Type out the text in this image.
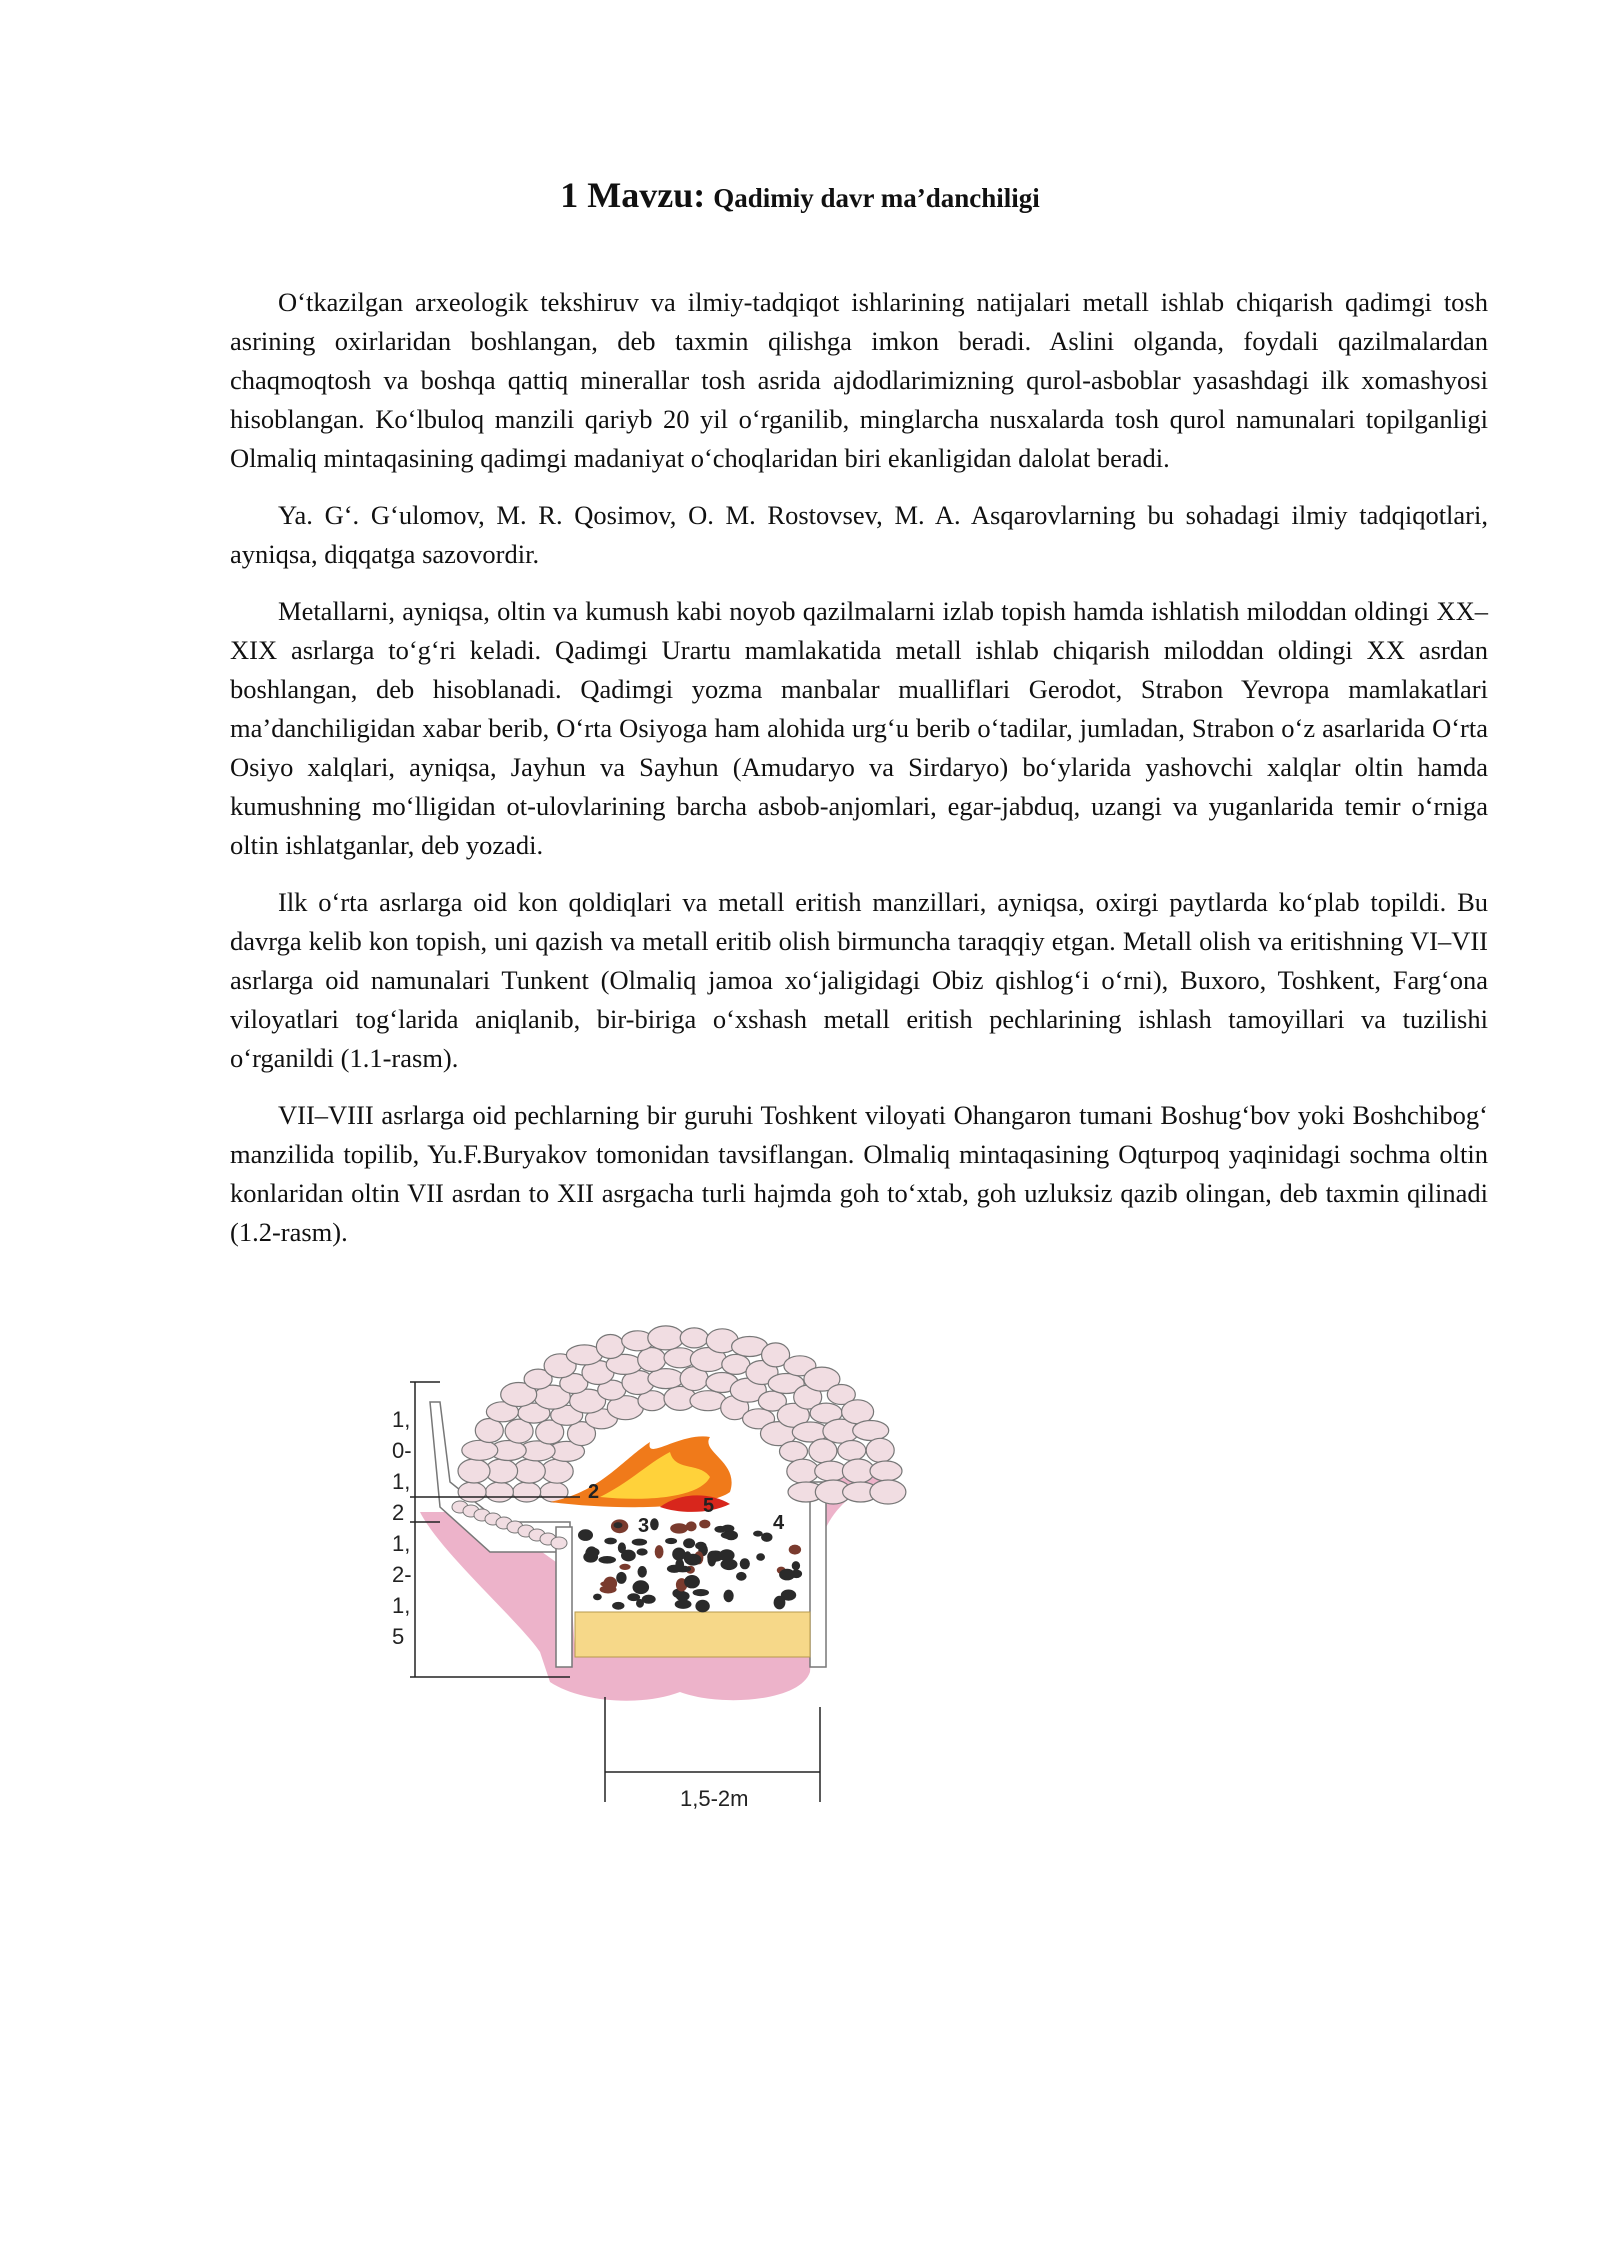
1 Mavzu: Qadimiy davr ma’danchiligi

O‘tkazilgan arxeologik tekshiruv va ilmiy-tadqiqot ishlarining natijalari metall ishlab chiqarish qadimgi tosh asrining oxirlaridan boshlangan, deb taxmin qilishga imkon beradi. Aslini olganda, foydali qazilmalardan chaqmoqtosh va boshqa qattiq minerallar tosh asrida ajdodlarimizning qurol-asboblar yasashdagi ilk xomashyosi hisoblangan. Ko‘lbuloq manzili qariyb 20 yil o‘rganilib, minglarcha nusxalarda tosh qurol namunalari topilganligi Olmaliq mintaqasining qadimgi madaniyat o‘choqlaridan biri ekanligidan dalolat beradi.

Ya. G‘. G‘ulomov, M. R. Qosimov, O. M. Rostovsev, M. A. Asqarovlarning bu sohadagi ilmiy tadqiqotlari, ayniqsa, diqqatga sazovordir.

Metallarni, ayniqsa, oltin va kumush kabi noyob qazilmalarni izlab topish hamda ishlatish miloddan oldingi XX–XIX asrlarga to‘g‘ri keladi. Qadimgi Urartu mamlakatida metall ishlab chiqarish miloddan oldingi XX asrdan boshlangan, deb hisoblanadi. Qadimgi yozma manbalar mualliflari Gerodot, Strabon Yevropa mamlakatlari ma’danchiligidan xabar berib, O‘rta Osiyoga ham alohida urg‘u berib o‘tadilar, jumladan, Strabon o‘z asarlarida O‘rta Osiyo xalqlari, ayniqsa, Jayhun va Sayhun (Amudaryo va Sirdaryo) bo‘ylarida yashovchi xalqlar oltin hamda kumushning mo‘lligidan ot-ulovlarining barcha asbob-anjomlari, egar-jabduq, uzangi va yuganlarida temir o‘rniga oltin ishlatganlar, deb yozadi.

Ilk o‘rta asrlarga oid kon qoldiqlari va metall eritish manzillari, ayniqsa, oxirgi paytlarda ko‘plab topildi. Bu davrga kelib kon topish, uni qazish va metall eritib olish birmuncha taraqqiy etgan. Metall olish va eritishning VI–VII asrlarga oid namunalari Tunkent (Olmaliq jamoa xo‘jaligidagi Obiz qishlog‘i o‘rni), Buxoro, Toshkent, Farg‘ona viloyatlari tog‘larida aniqlanib, bir-biriga o‘xshash metall eritish pechlarining ishlash tamoyillari va tuzilishi o‘rganildi (1.1-rasm).

VII–VIII asrlarga oid pechlarning bir guruhi Toshkent viloyati Ohangaron tumani Boshug‘bov yoki Boshchibog‘ manzilida topilib, Yu.F.Buryakov tomonidan tavsiflangan. Olmaliq mintaqasining Oqturpoq yaqinidagi sochma oltin konlaridan oltin VII asrdan to XII asrgacha turli hajmda goh to‘xtab, goh uzluksiz qazib olingan, deb taxmin qilinadi (1.2-rasm).

1,
0-
1,
2
1,
2-
1,
5
1,5-2m
2
3
5
4
